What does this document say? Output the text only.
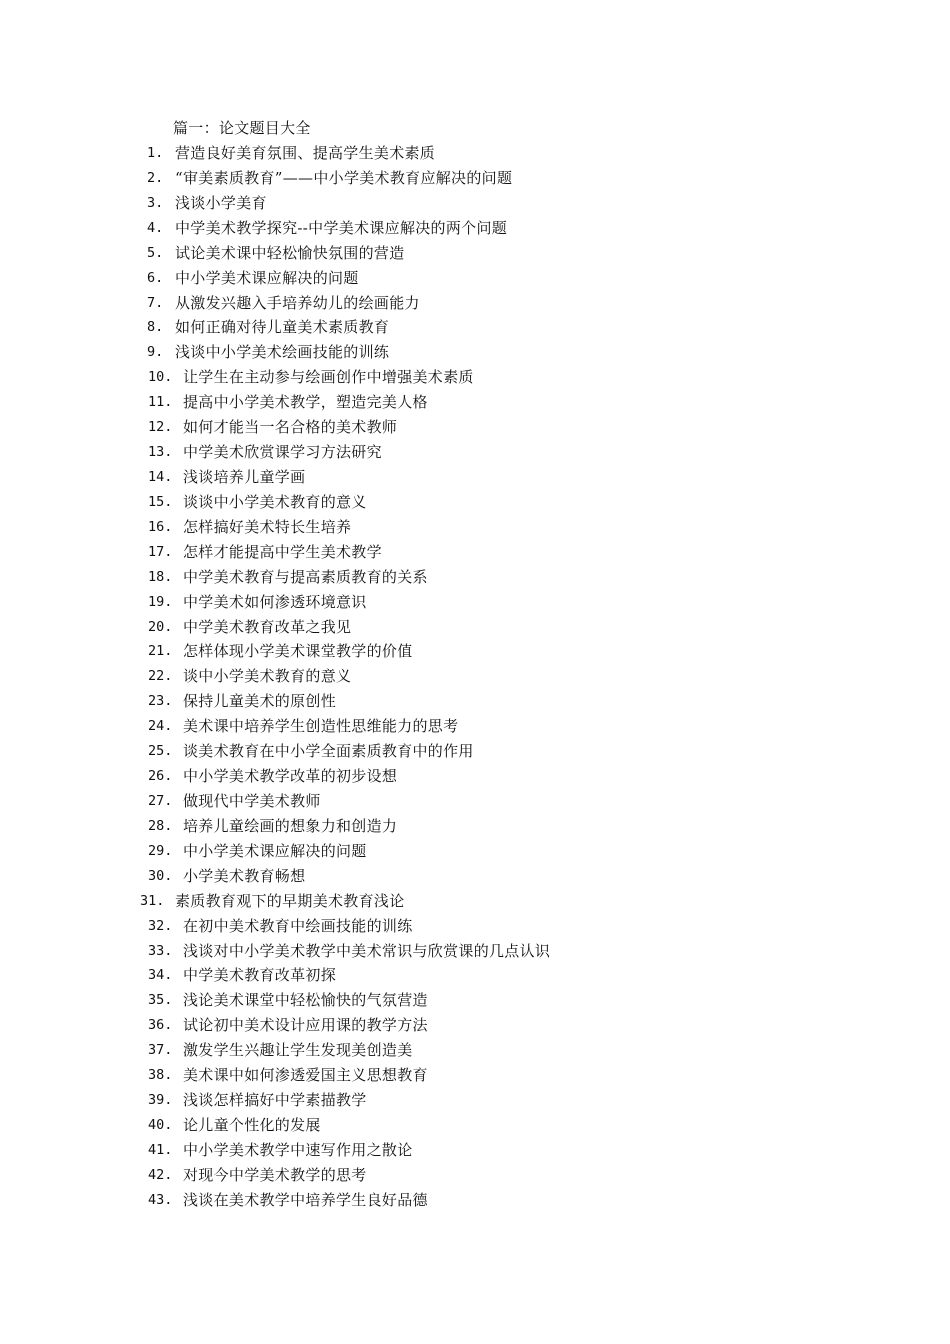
篇一：论文题目大全
1. 营造良好美育氛围、提高学生美术素质
2. “审美素质教育”——中小学美术教育应解决的问题
3. 浅谈小学美育
4. 中学美术教学探究--中学美术课应解决的两个问题
5. 试论美术课中轻松愉快氛围的营造
6. 中小学美术课应解决的问题
7. 从激发兴趣入手培养幼儿的绘画能力
8. 如何正确对待儿童美术素质教育
9. 浅谈中小学美术绘画技能的训练
10. 让学生在主动参与绘画创作中增强美术素质
11. 提高中小学美术教学，塑造完美人格
12. 如何才能当一名合格的美术教师
13. 中学美术欣赏课学习方法研究
14. 浅谈培养儿童学画
15. 谈谈中小学美术教育的意义
16. 怎样搞好美术特长生培养
17. 怎样才能提高中学生美术教学
18. 中学美术教育与提高素质教育的关系
19. 中学美术如何渗透环境意识
20. 中学美术教育改革之我见
21. 怎样体现小学美术课堂教学的价值
22. 谈中小学美术教育的意义
23. 保持儿童美术的原创性
24. 美术课中培养学生创造性思维能力的思考
25. 谈美术教育在中小学全面素质教育中的作用
26. 中小学美术教学改革的初步设想
27. 做现代中学美术教师
28. 培养儿童绘画的想象力和创造力
29. 中小学美术课应解决的问题
30. 小学美术教育畅想
31. 素质教育观下的早期美术教育浅论
32. 在初中美术教育中绘画技能的训练
33. 浅谈对中小学美术教学中美术常识与欣赏课的几点认识
34. 中学美术教育改革初探
35. 浅论美术课堂中轻松愉快的气氛营造
36. 试论初中美术设计应用课的教学方法
37. 激发学生兴趣让学生发现美创造美
38. 美术课中如何渗透爱国主义思想教育
39. 浅谈怎样搞好中学素描教学
40. 论儿童个性化的发展
41. 中小学美术教学中速写作用之散论
42. 对现今中学美术教学的思考
43. 浅谈在美术教学中培养学生良好品德
